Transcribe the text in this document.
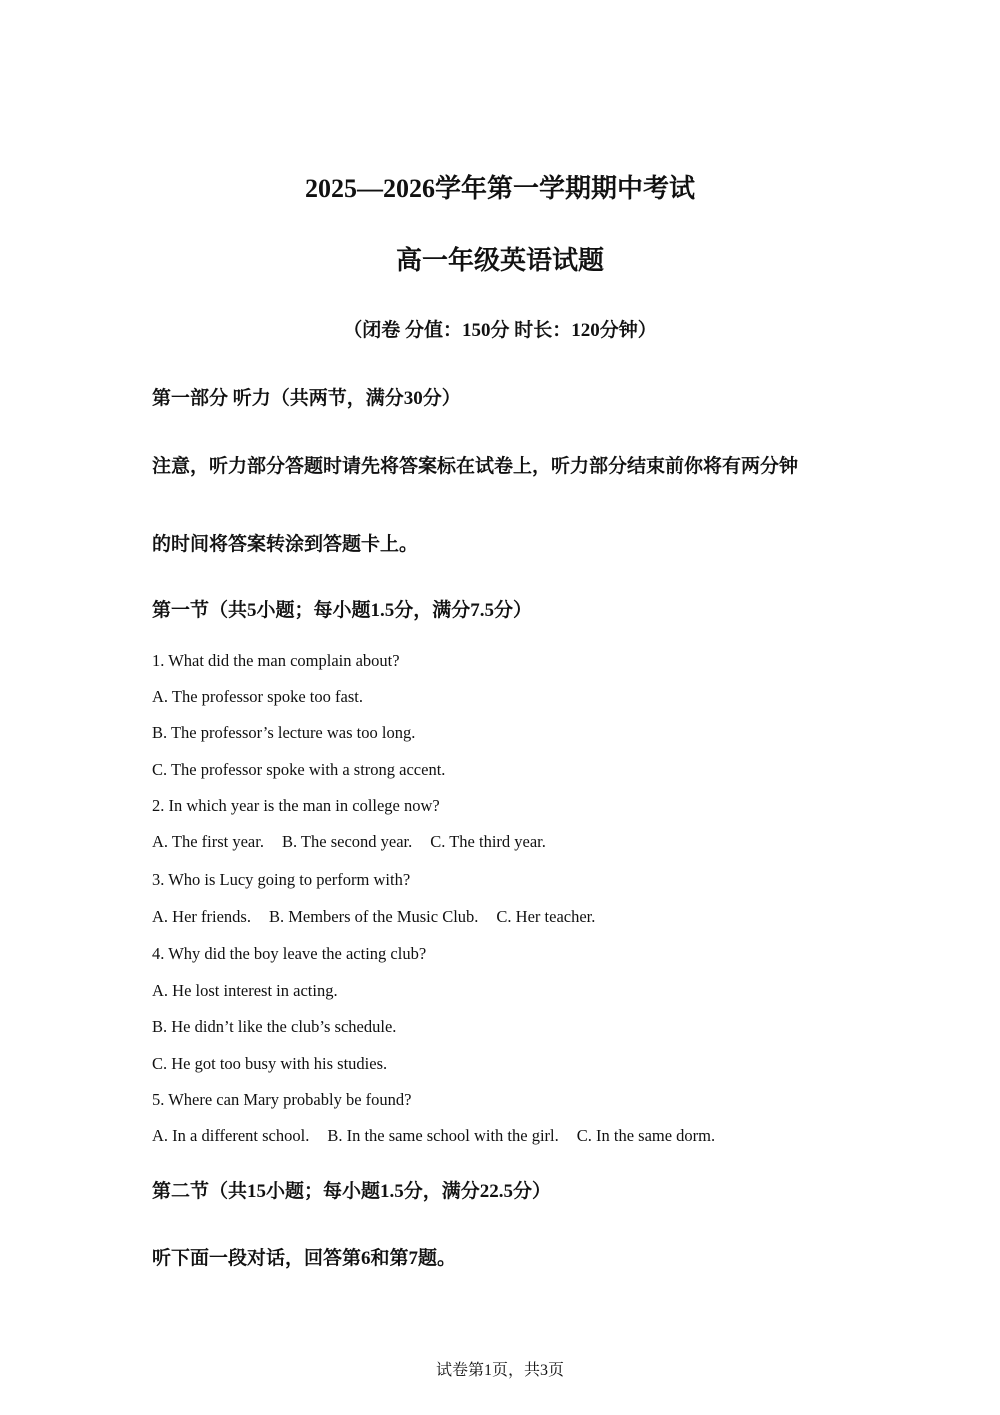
2025—2026学年第一学期期中考试
高一年级英语试题
（闭卷 分值：150分 时长：120分钟）
第一部分 听力（共两节，满分30分）
注意，听力部分答题时请先将答案标在试卷上，听力部分结束前你将有两分钟
的时间将答案转涂到答题卡上。
第一节（共5小题；每小题1.5分，满分7.5分）
1. What did the man complain about?
A. The professor spoke too fast.
B. The professor’s lecture was too long.
C. The professor spoke with a strong accent.
2. In which year is the man in college now?
A. The first year. B. The second year. C. The third year.
3. Who is Lucy going to perform with?
A. Her friends. B. Members of the Music Club. C. Her teacher.
4. Why did the boy leave the acting club?
A. He lost interest in acting.
B. He didn’t like the club’s schedule.
C. He got too busy with his studies.
5. Where can Mary probably be found?
A. In a different school. B. In the same school with the girl. C. In the same dorm.
第二节（共15小题；每小题1.5分，满分22.5分）
听下面一段对话，回答第6和第7题。
试卷第1页，共3页
